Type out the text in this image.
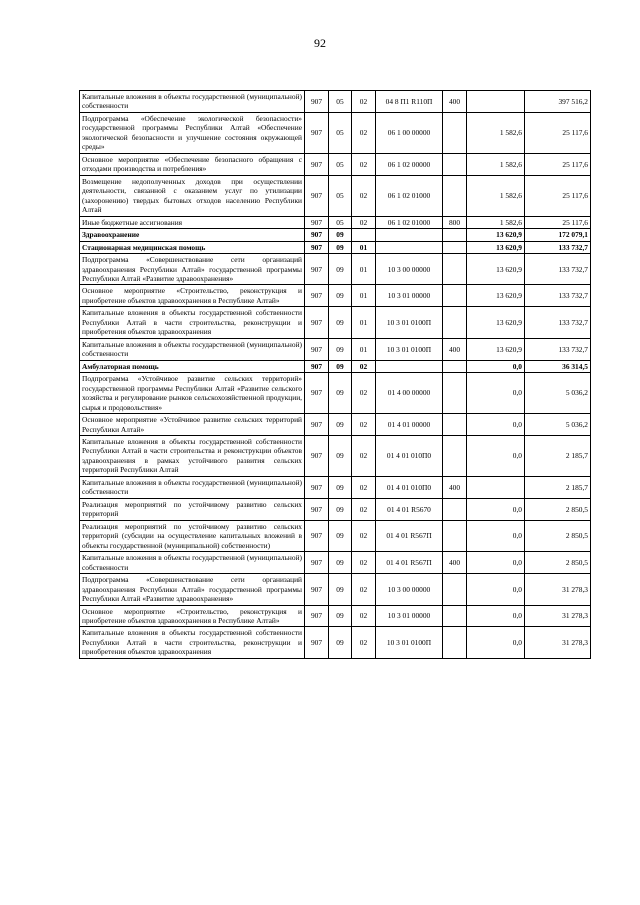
92
Капитальные вложения в объекты государственной (муниципальной) собственности	907	05	02	04 8 П1 R110П	400		397 516,2
Подпрограмма «Обеспечение экологической безопасности» государственной программы Республики Алтай «Обеспечение экологической безопасности и улучшение состояния окружающей среды»	907	05	02	06 1 00 00000		1 582,6	25 117,6
Основное мероприятие «Обеспечение безопасного обращения с отходами производства и потребления»	907	05	02	06 1 02 00000		1 582,6	25 117,6
Возмещение недополученных доходов при осуществлении деятельности, связанной с оказанием услуг по утилизации (захоронению) твердых бытовых отходов населению Республики Алтай	907	05	02	06 1 02 01000		1 582,6	25 117,6
Иные бюджетные ассигнования	907	05	02	06 1 02 01000	800	1 582,6	25 117,6
Здравоохранение	907	09				13 620,9	172 079,1
Стационарная медицинская помощь	907	09	01			13 620,9	133 732,7
Подпрограмма «Совершенствование сети организаций здравоохранения Республики Алтай» государственной программы Республики Алтай «Развитие здравоохранения»	907	09	01	10 3 00 00000		13 620,9	133 732,7
Основное мероприятие «Строительство, реконструкция и приобретение объектов здравоохранения в Республике Алтай»	907	09	01	10 3 01 00000		13 620,9	133 732,7
Капитальные вложения в объекты государственной собственности Республики Алтай в части строительства, реконструкции и приобретения объектов здравоохранения	907	09	01	10 3 01 0100П		13 620,9	133 732,7
Капитальные вложения в объекты государственной (муниципальной) собственности	907	09	01	10 3 01 0100П	400	13 620,9	133 732,7
Амбулаторная помощь	907	09	02			0,0	36 314,5
Подпрограмма «Устойчивое развитие сельских территорий» государственной программы Республики Алтай «Развитие сельского хозяйства и регулирование рынков сельскохозяйственной продукции, сырья и продовольствия»	907	09	02	01 4 00 00000		0,0	5 036,2
Основное мероприятие «Устойчивое развитие сельских территорий Республики Алтай»	907	09	02	01 4 01 00000		0,0	5 036,2
Капитальные вложения в объекты государственной собственности Республики Алтай в части строительства и реконструкции объектов здравоохранения в рамках устойчивого развития сельских территорий Республики Алтай	907	09	02	01 4 01 010П0		0,0	2 185,7
Капитальные вложения в объекты государственной (муниципальной) собственности	907	09	02	01 4 01 010П0	400		2 185,7
Реализация мероприятий по устойчивому развитию сельских территорий	907	09	02	01 4 01 R5670		0,0	2 850,5
Реализация мероприятий по устойчивому развитию сельских территорий (субсидии на осуществление капитальных вложений в объекты государственной (муниципальной) собственности)	907	09	02	01 4 01 R567П		0,0	2 850,5
Капитальные вложения в объекты государственной (муниципальной) собственности	907	09	02	01 4 01 R567П	400	0,0	2 850,5
Подпрограмма «Совершенствование сети организаций здравоохранения Республики Алтай» государственной программы Республики Алтай «Развитие здравоохранения»	907	09	02	10 3 00 00000		0,0	31 278,3
Основное мероприятие «Строительство, реконструкция и приобретение объектов здравоохранения в Республике Алтай»	907	09	02	10 3 01 00000		0,0	31 278,3
Капитальные вложения в объекты государственной собственности Республики Алтай в части строительства, реконструкции и приобретения объектов здравоохранения	907	09	02	10 3 01 0100П		0,0	31 278,3
